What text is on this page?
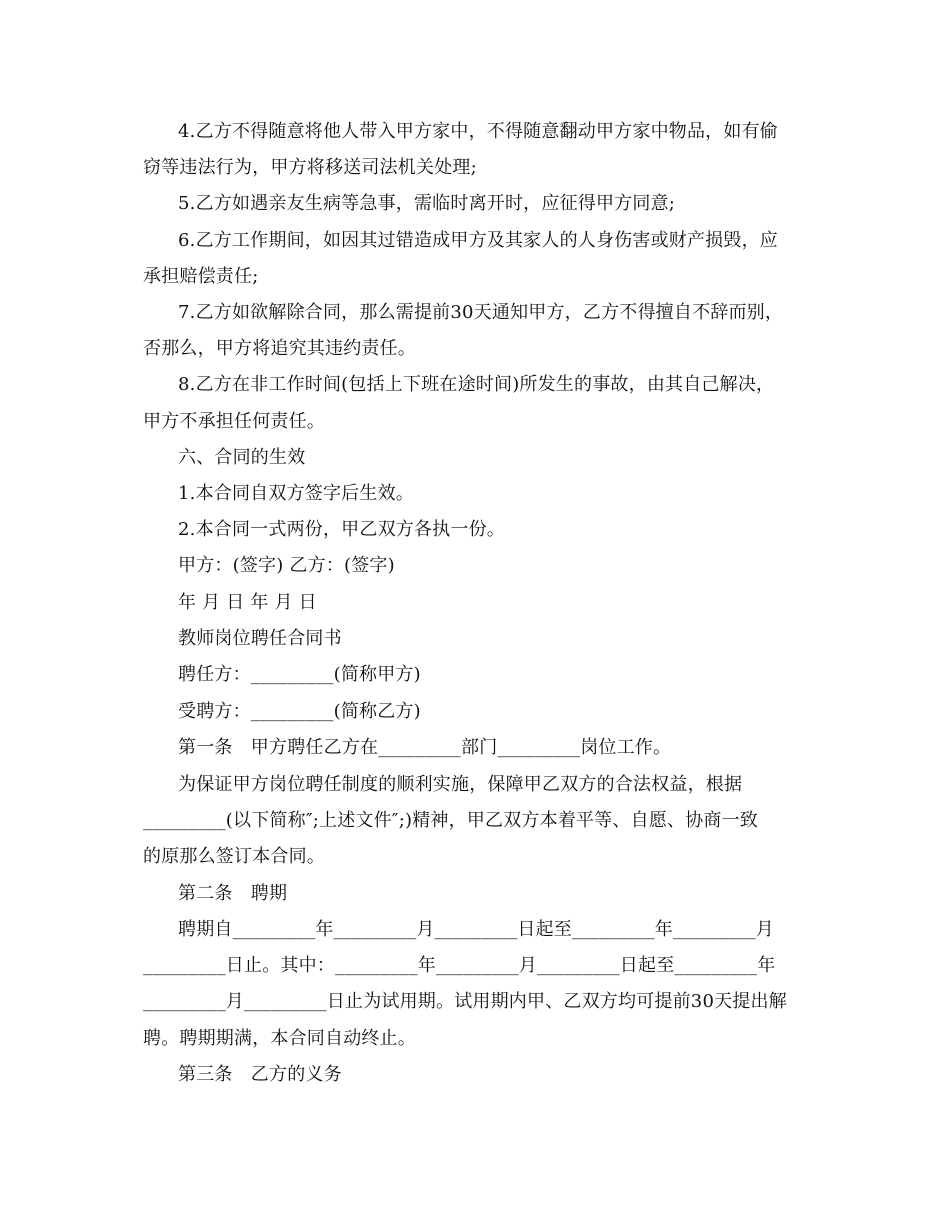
4.乙方不得随意将他人带入甲方家中，不得随意翻动甲方家中物品，如有偷
窃等违法行为，甲方将移送司法机关处理;
5.乙方如遇亲友生病等急事，需临时离开时，应征得甲方同意;
6.乙方工作期间，如因其过错造成甲方及其家人的人身伤害或财产损毁，应
承担赔偿责任;
7.乙方如欲解除合同，那么需提前30天通知甲方，乙方不得擅自不辞而别，
否那么，甲方将追究其违约责任。
8.乙方在非工作时间(包括上下班在途时间)所发生的事故，由其自己解决，
甲方不承担任何责任。
六、合同的生效
1.本合同自双方签字后生效。
2.本合同一式两份，甲乙双方各执一份。
甲方：(签字) 乙方：(签字)
年 月 日 年 月 日
教师岗位聘任合同书
聘任方：_________(简称甲方)
受聘方：_________(简称乙方)
第一条　甲方聘任乙方在_________部门_________岗位工作。
为保证甲方岗位聘任制度的顺利实施，保障甲乙双方的合法权益，根据
_________(以下简称″;上述文件″;)精神，甲乙双方本着平等、自愿、协商一致
的原那么签订本合同。
第二条　聘期
聘期自_________年_________月_________日起至_________年_________月
_________日止。其中：_________年_________月_________日起至_________年
_________月_________日止为试用期。试用期内甲、乙双方均可提前30天提出解
聘。聘期期满，本合同自动终止。
第三条　乙方的义务
